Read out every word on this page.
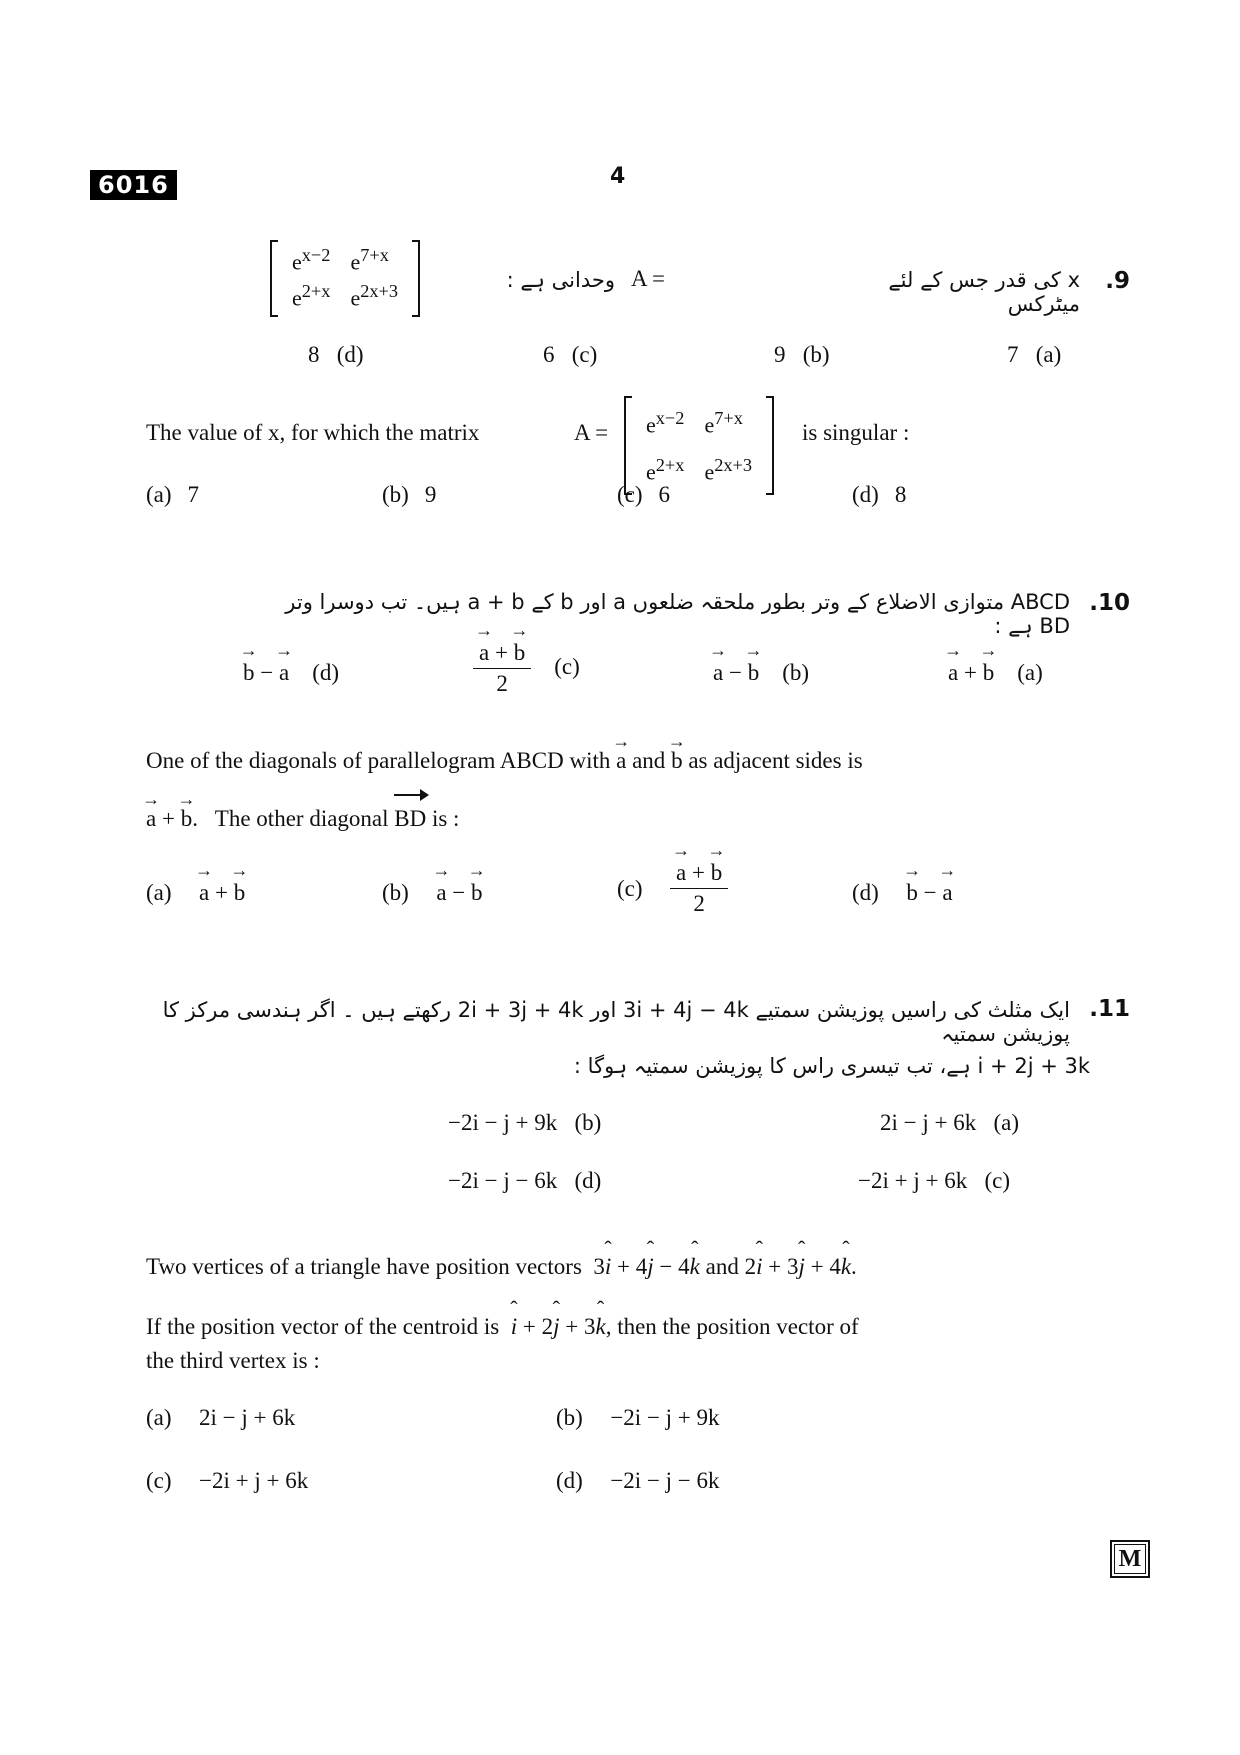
6016	4
.9
x کی قدر جس کے لئے میٹرکس
$e^{x-2}$	$e^{7+x}$
$e^{2+x}$	$e^{2x+3}$
A =
وحدانی ہے :
7   (a)
9   (b)
6   (c)
8   (d)
The value of x, for which the matrix	$A = e^{x-2}$	$e^{7+x}$
$e^{2+x}$	$e^{2x+3}$
is singular :
(a) 7	(b) 9	(c) 6	(d) 8
.10
ABCD متوازی الاضلاع کے وتر بطور ملحقہ ضلعوں a اور b کے a + b ہیں۔ تب دوسرا وتر BD ہے :
→ a + → b    (a)
→ a − → b    (b)
→ $\frac{a + \to b}{2} (c)$
→ b − → a    (d)
One of the diagonals of parallelogram ABCD with → a and → b as adjacent sides is
→ a + → b.   The other diagonal BD is :
(a) → a + → b	(b) → a − → b	$(c) \to \frac{a + \to b}{2}$	(d) → b − → a
.11
ایک مثلث کی راسیں پوزیشن سمتیے 3i + 4j − 4k اور 2i + 3j + 4k رکھتے ہیں ۔ اگر ہندسی مرکز کا پوزیشن سمتیہ
i + 2j + 3k ہے، تب تیسری راس کا پوزیشن سمتیہ ہوگا :
2i − j + 6k   (a)
−2i − j + 9k   (b)
−2i + j + 6k   (c)
−2i − j − 6k   (d)
Two vertices of a triangle have position vectors  3ˆ i + 4ˆ j − 4ˆ k and 2ˆ i + 3ˆ j + 4ˆ k.
If the position vector of the centroid is ˆ i + 2ˆ j + 3ˆ k, then the position vector of
the third vertex is :
(a) 2i − j + 6k	(b) −2i − j + 9k
(c) −2i + j + 6k	(d) −2i − j − 6k
M
